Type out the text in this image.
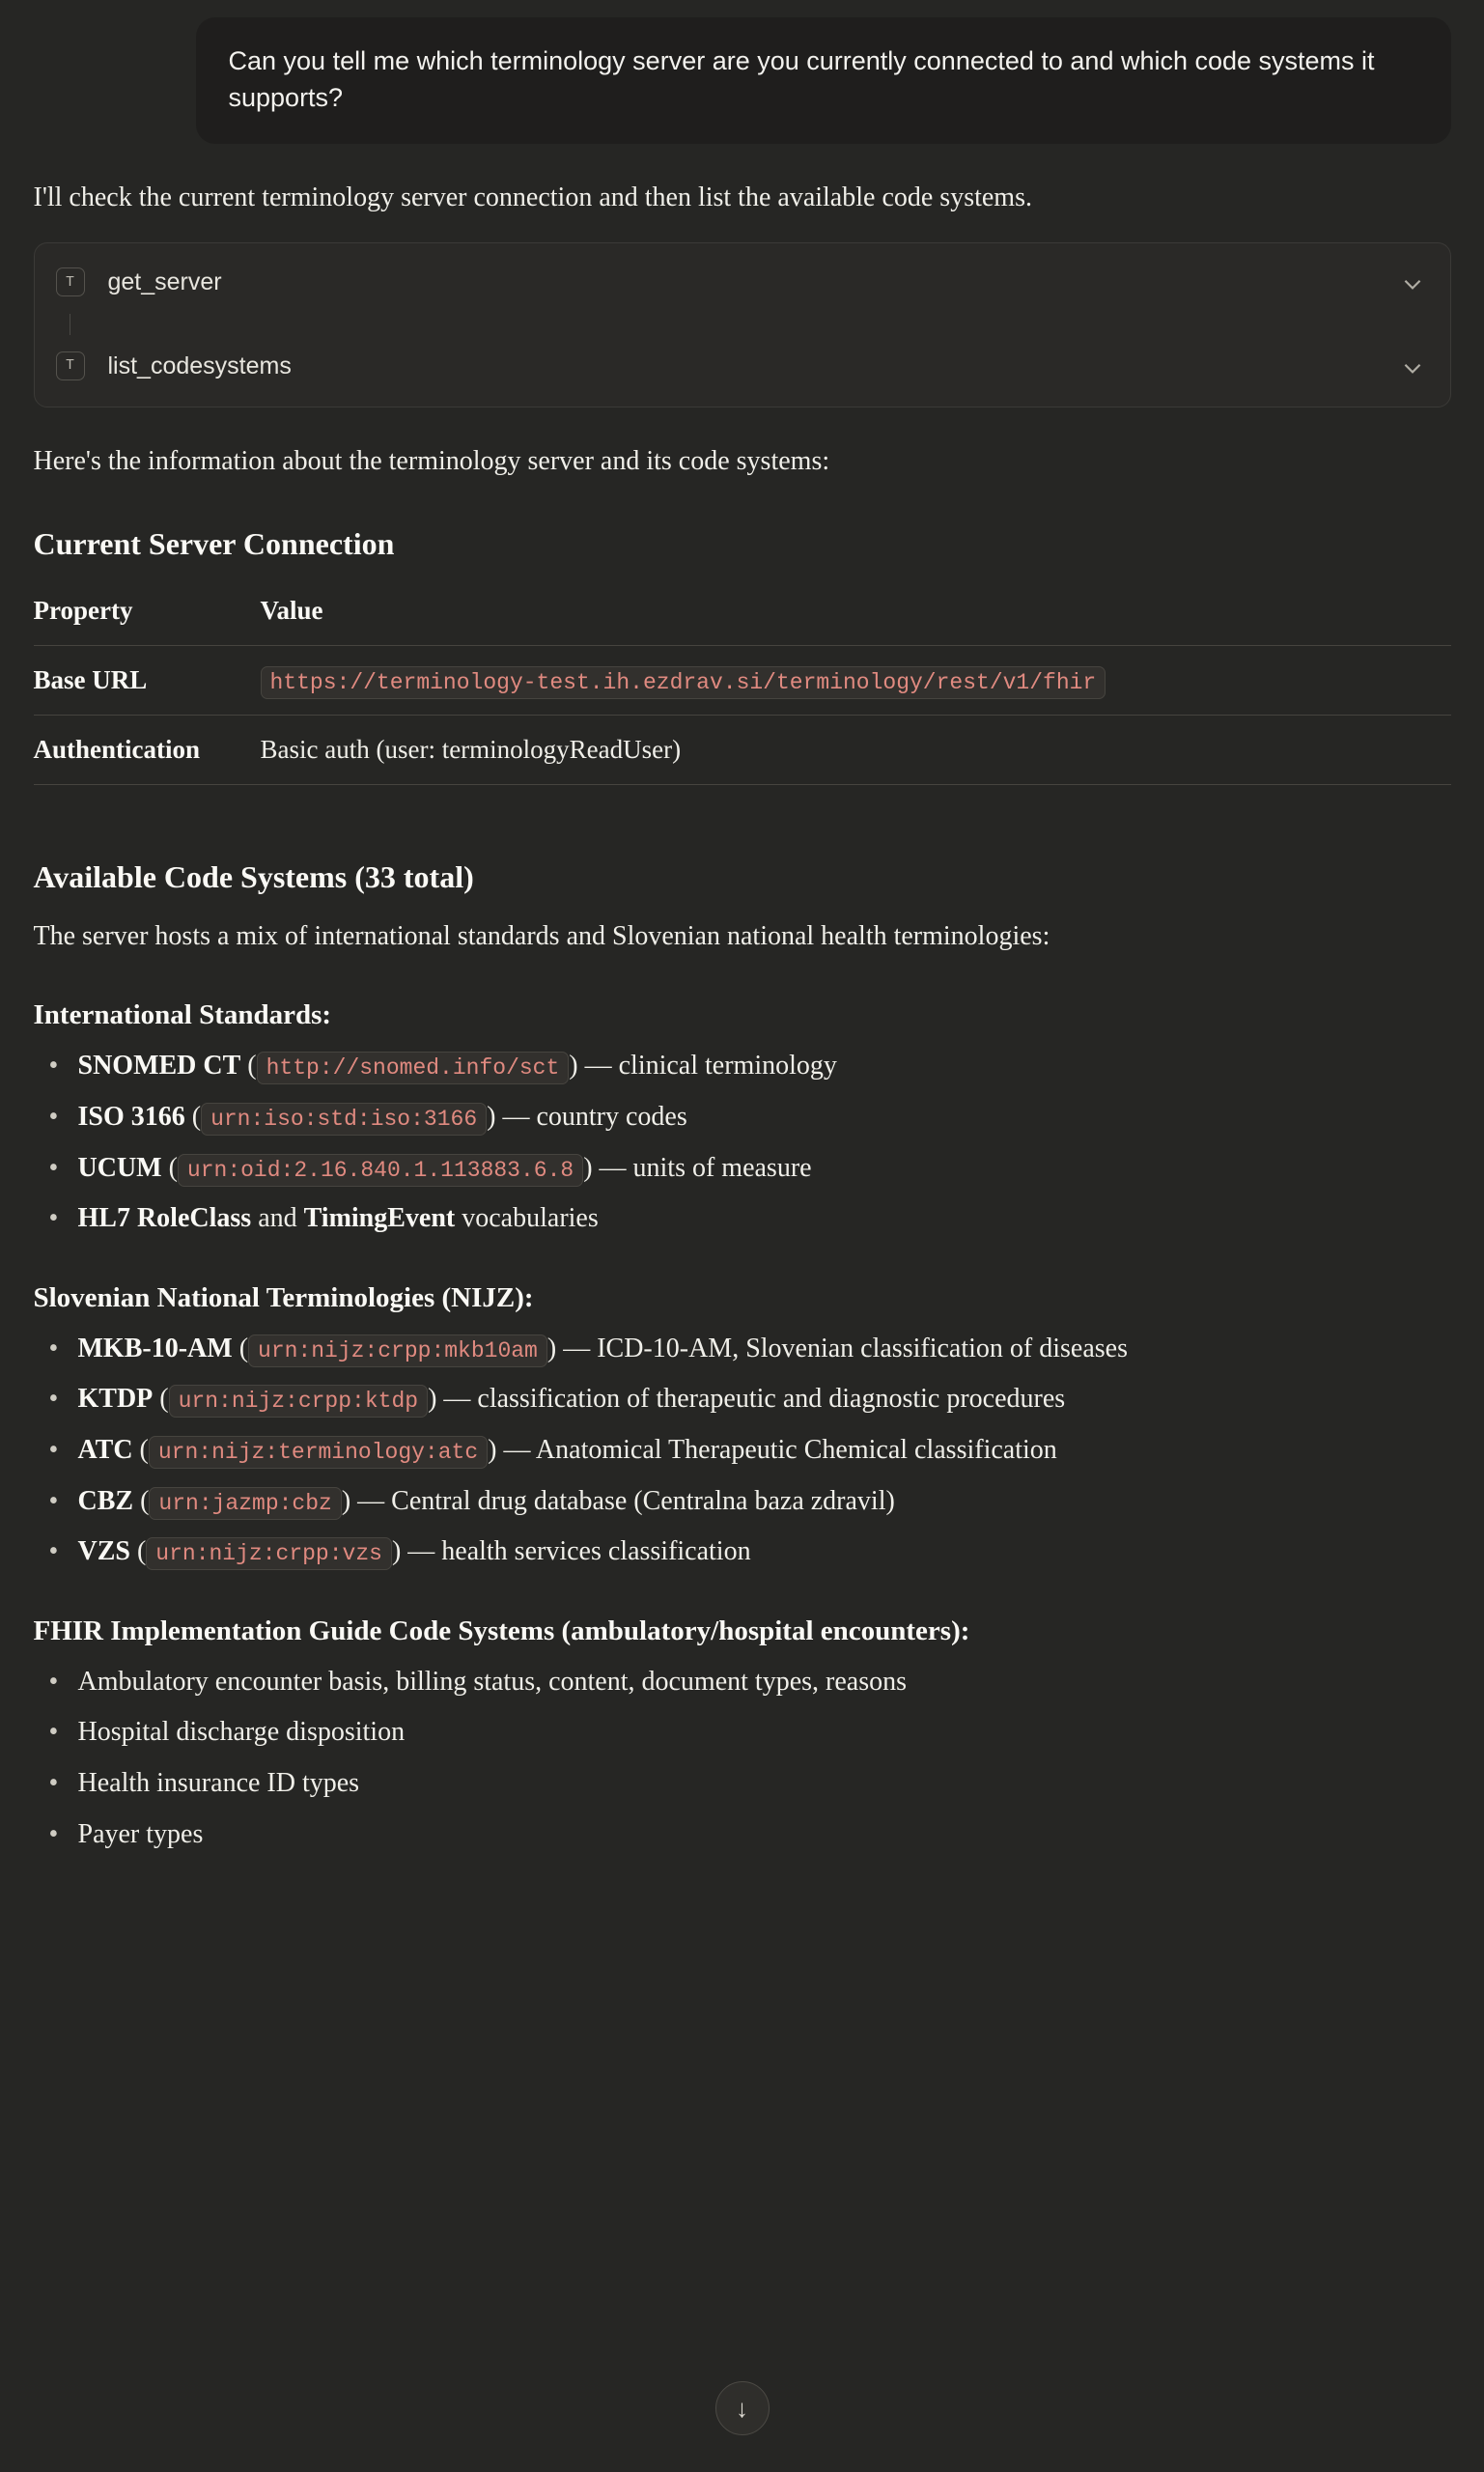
Can you tell me which terminology server are you currently connected to and which code systems it supports?

I'll check the current terminology server connection and then list the available code systems.

T	get_server
T	list_codesystems

Here's the information about the terminology server and its code systems:

Current Server Connection
Property	Value
Base URL	https://terminology-test.ih.ezdrav.si/terminology/rest/v1/fhir
Authentication	Basic auth (user: terminologyReadUser)
Available Code Systems (33 total)

The server hosts a mix of international standards and Slovenian national health terminologies:

International Standards:
• SNOMED CT ( http://snomed.info/sct ) — clinical terminology
• ISO 3166 ( urn:iso:std:iso:3166 ) — country codes
• UCUM ( urn:oid:2.16.840.1.113883.6.8 ) — units of measure
• HL7 RoleClass and TimingEvent vocabularies
Slovenian National Terminologies (NIJZ):
• MKB-10-AM ( urn:nijz:crpp:mkb10am ) — ICD-10-AM, Slovenian classification of diseases
• KTDP ( urn:nijz:crpp:ktdp ) — classification of therapeutic and diagnostic procedures
• ATC ( urn:nijz:terminology:atc ) — Anatomical Therapeutic Chemical classification
• CBZ ( urn:jazmp:cbz ) — Central drug database (Centralna baza zdravil)
• VZS ( urn:nijz:crpp:vzs ) — health services classification
FHIR Implementation Guide Code Systems (ambulatory/hospital encounters):
• Ambulatory encounter basis, billing status, content, document types, reasons
• Hospital discharge disposition
• Health insurance ID types
• Payer types
↓
